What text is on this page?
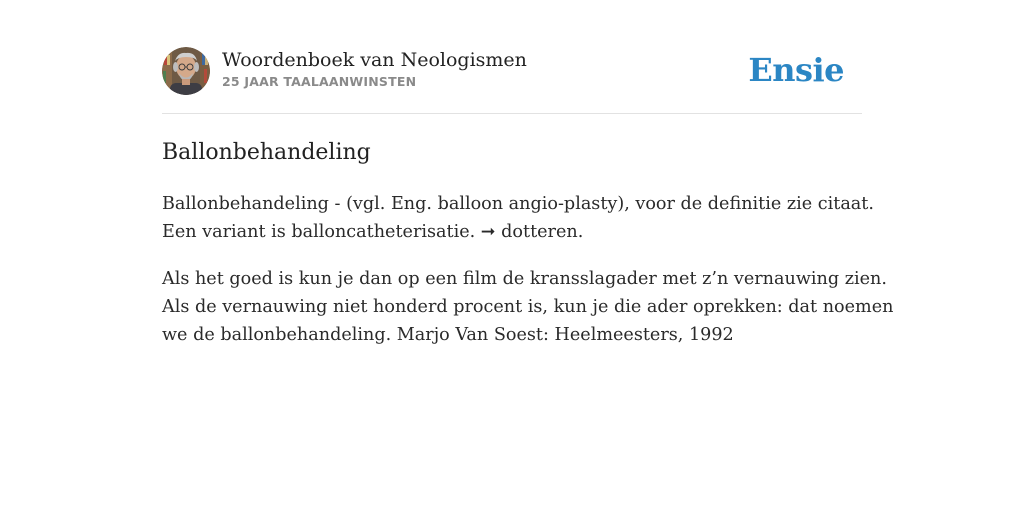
Woordenboek van Neologismen
25 JAAR TAALAANWINSTEN	Ensie
Ballonbehandeling

Ballonbehandeling - (vgl. Eng. balloon angio-plasty), voor de definitie zie citaat.
Een variant is balloncatheterisatie. ➞ dotteren.

Als het goed is kun je dan op een film de kransslagader met z’n vernauwing zien.
Als de vernauwing niet honderd procent is, kun je die ader oprekken: dat noemen
we de ballonbehandeling. Marjo Van Soest: Heelmeesters, 1992
